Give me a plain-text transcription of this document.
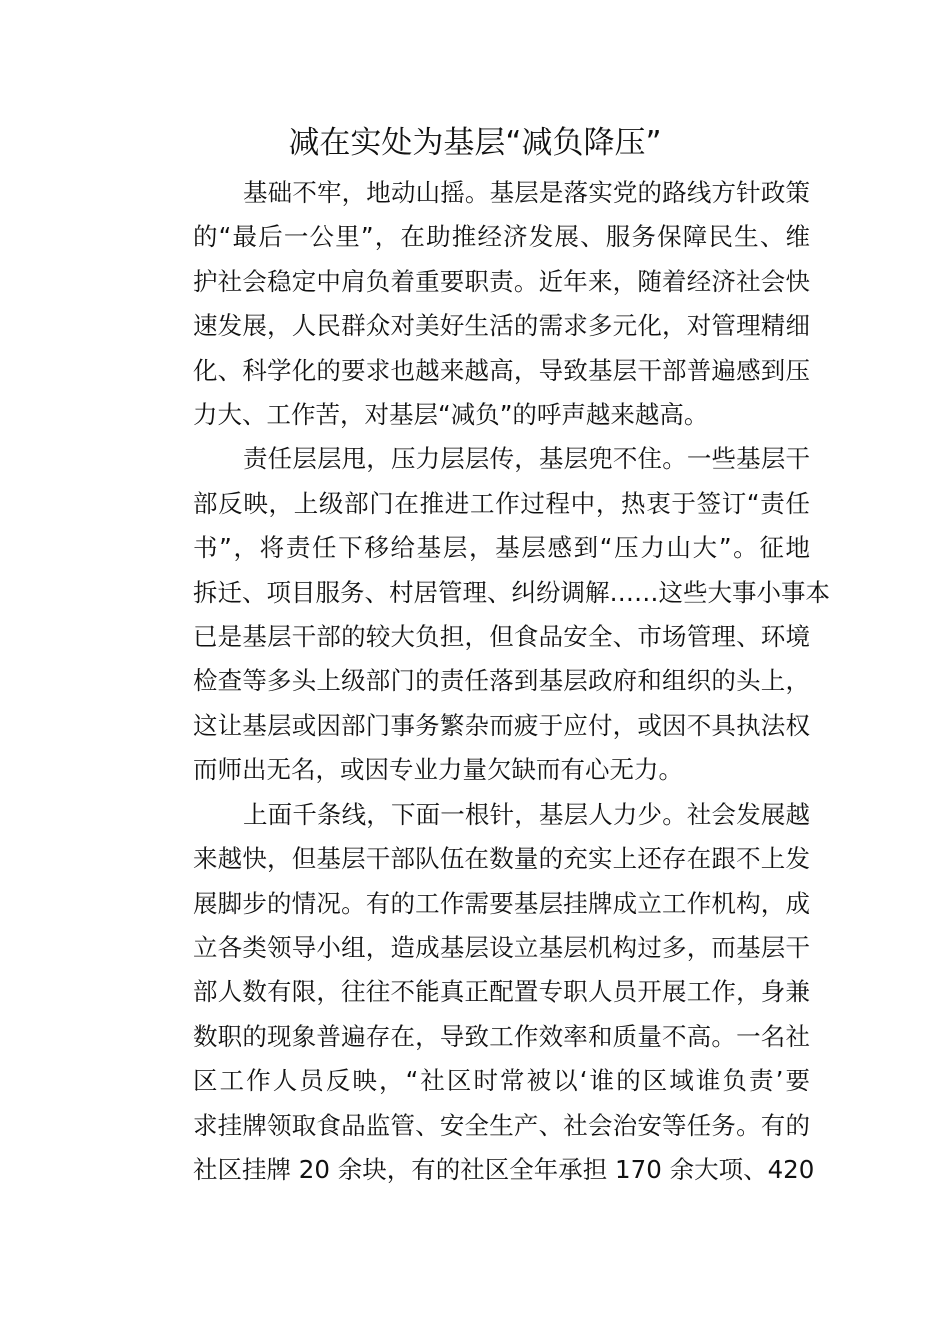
减在实处为基层“减负降压”
基础不牢，地动山摇。基层是落实党的路线方针政策
的“最后一公里”，在助推经济发展、服务保障民生、维
护社会稳定中肩负着重要职责。近年来，随着经济社会快
速发展，人民群众对美好生活的需求多元化，对管理精细
化、科学化的要求也越来越高，导致基层干部普遍感到压
力大、工作苦，对基层“减负”的呼声越来越高。
责任层层甩，压力层层传，基层兜不住。一些基层干
部反映，上级部门在推进工作过程中，热衷于签订“责任
书”，将责任下移给基层，基层感到“压力山大”。征地
拆迁、项目服务、村居管理、纠纷调解……这些大事小事本
已是基层干部的较大负担，但食品安全、市场管理、环境
检查等多头上级部门的责任落到基层政府和组织的头上，
这让基层或因部门事务繁杂而疲于应付，或因不具执法权
而师出无名，或因专业力量欠缺而有心无力。
上面千条线，下面一根针，基层人力少。社会发展越
来越快，但基层干部队伍在数量的充实上还存在跟不上发
展脚步的情况。有的工作需要基层挂牌成立工作机构，成
立各类领导小组，造成基层设立基层机构过多，而基层干
部人数有限，往往不能真正配置专职人员开展工作，身兼
数职的现象普遍存在，导致工作效率和质量不高。一名社
区工作人员反映，“社区时常被以‘谁的区域谁负责’要
求挂牌领取食品监管、安全生产、社会治安等任务。有的
社区挂牌 20 余块，有的社区全年承担 170 余大项、420
